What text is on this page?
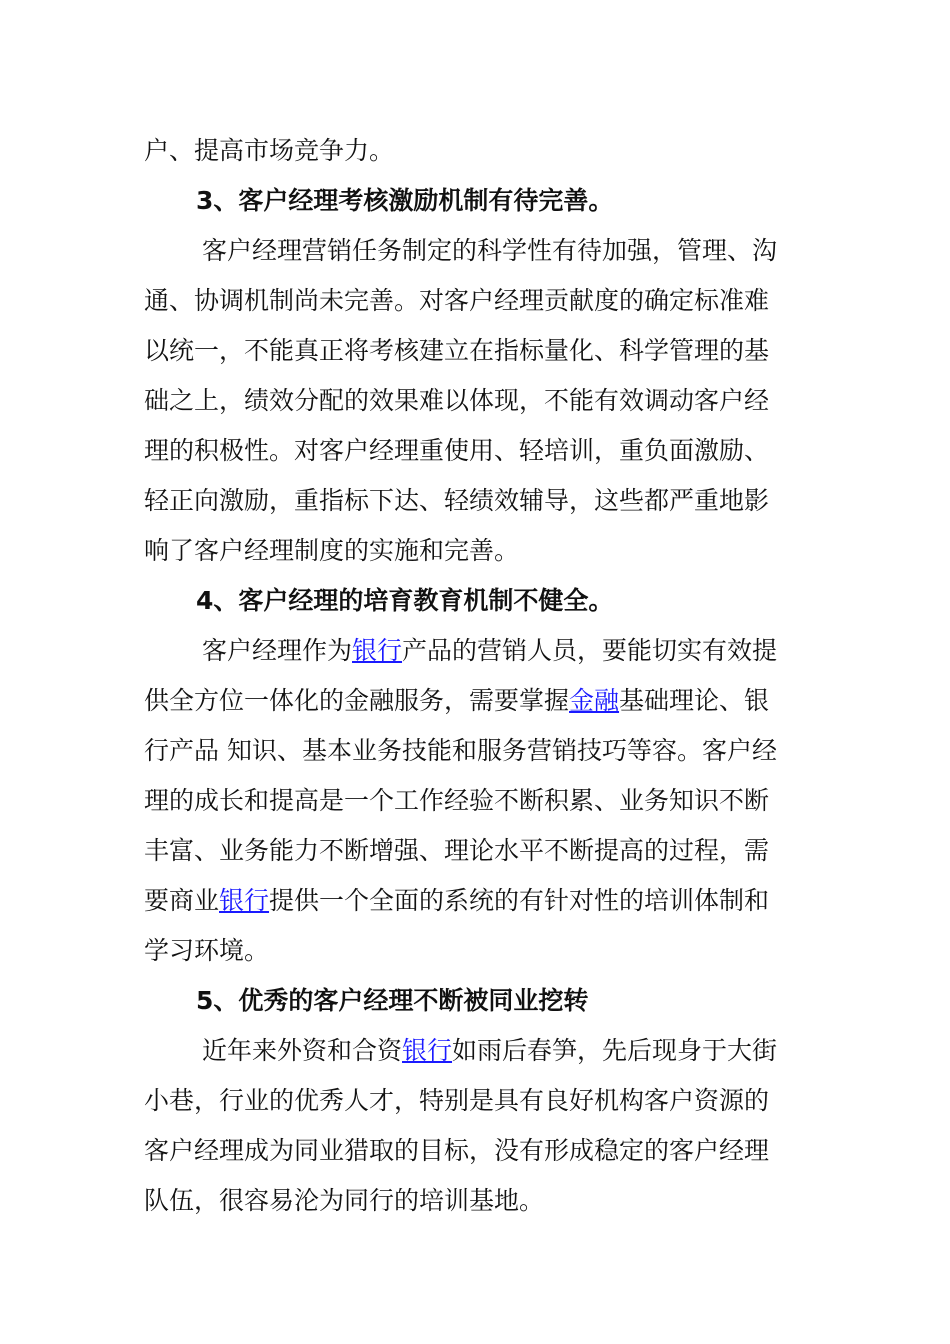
户、提高市场竞争力。
3、客户经理考核激励机制有待完善。
客户经理营销任务制定的科学性有待加强，管理、沟
通、协调机制尚未完善。对客户经理贡献度的确定标准难
以统一，不能真正将考核建立在指标量化、科学管理的基
础之上，绩效分配的效果难以体现，不能有效调动客户经
理的积极性。对客户经理重使用、轻培训，重负面激励、
轻正向激励，重指标下达、轻绩效辅导，这些都严重地影
响了客户经理制度的实施和完善。
4、客户经理的培育教育机制不健全。
客户经理作为银行产品的营销人员，要能切实有效提
供全方位一体化的金融服务，需要掌握金融基础理论、银
行产品 知识、基本业务技能和服务营销技巧等容。客户经
理的成长和提高是一个工作经验不断积累、业务知识不断
丰富、业务能力不断增强、理论水平不断提高的过程，需
要商业银行提供一个全面的系统的有针对性的培训体制和
学习环境。
5、优秀的客户经理不断被同业挖转
近年来外资和合资银行如雨后春笋，先后现身于大街
小巷，行业的优秀人才，特别是具有良好机构客户资源的
客户经理成为同业猎取的目标，没有形成稳定的客户经理
队伍，很容易沦为同行的培训基地。
